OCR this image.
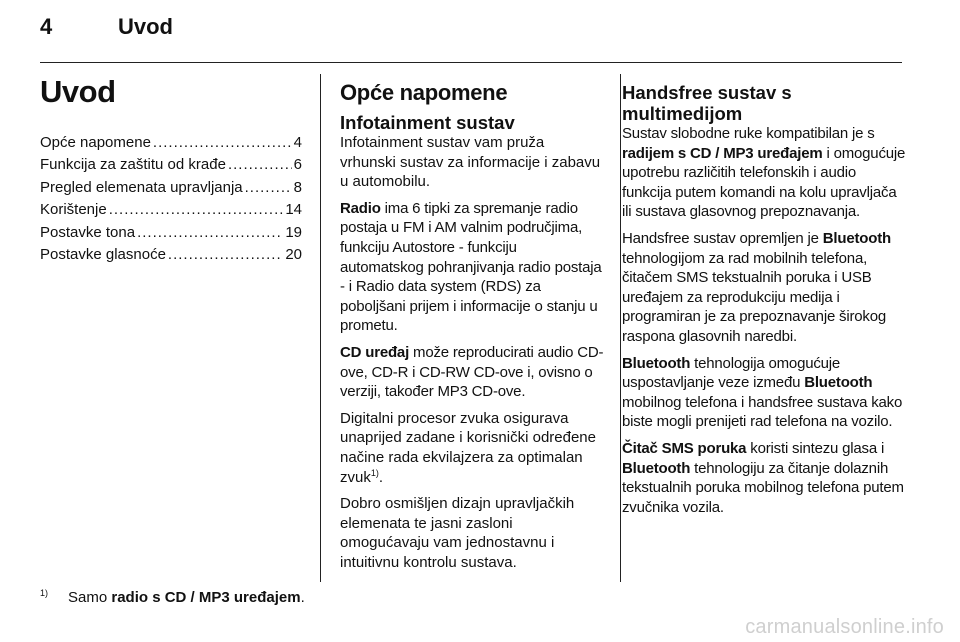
4	Uvod
Uvod
Opće napomene .....	4
Funkcija za zaštitu od krađe .....	6
Pregled elemenata upravljanja .....	8
Korištenje .....	14
Postavke tona .....	19
Postavke glasnoće .....	20
Opće napomene
Infotainment sustav

Infotainment sustav vam pruža vrhunski sustav za informacije i zabavu u automobilu.

Radio ima 6 tipki za spremanje radio postaja u FM i AM valnim područjima, funkciju Autostore - funkciju automatskog pohranjivanja radio postaja - i Radio data system (RDS) za poboljšani prijem i informacije o stanju u prometu.

CD uređaj može reproducirati audio CD-ove, CD-R i CD-RW CD-ove i, ovisno o verziji, također MP3 CD-ove.

Digitalni procesor zvuka osigurava unaprijed zadane i korisnički određene načine rada ekvilajzera za optimalan zvuk$^{1)}$.

Dobro osmišljen dizajn upravljačkih elemenata te jasni zasloni omogućavaju vam jednostavnu i intuitivnu kontrolu sustava.

Handsfree sustav s
multimedijom

Sustav slobodne ruke kompatibilan je s radijem s CD / MP3 uređajem i omogućuje upotrebu različitih telefonskih i audio funkcija putem komandi na kolu upravljača ili sustava glasovnog prepoznavanja.

Handsfree sustav opremljen je Bluetooth tehnologijom za rad mobilnih telefona, čitačem SMS tekstualnih poruka i USB uređajem za reprodukciju medija i programiran je za prepoznavanje širokog raspona glasovnih naredbi.

Bluetooth tehnologija omogućuje uspostavljanje veze između Bluetooth mobilnog telefona i handsfree sustava kako biste mogli prenijeti rad telefona na vozilo.

Čitač SMS poruka koristi sintezu glasa i Bluetooth tehnologiju za čitanje dolaznih tekstualnih poruka mobilnog telefona putem zvučnika vozila.

1) Samo radio s CD / MP3 uređajem.
carmanualsonline.info
